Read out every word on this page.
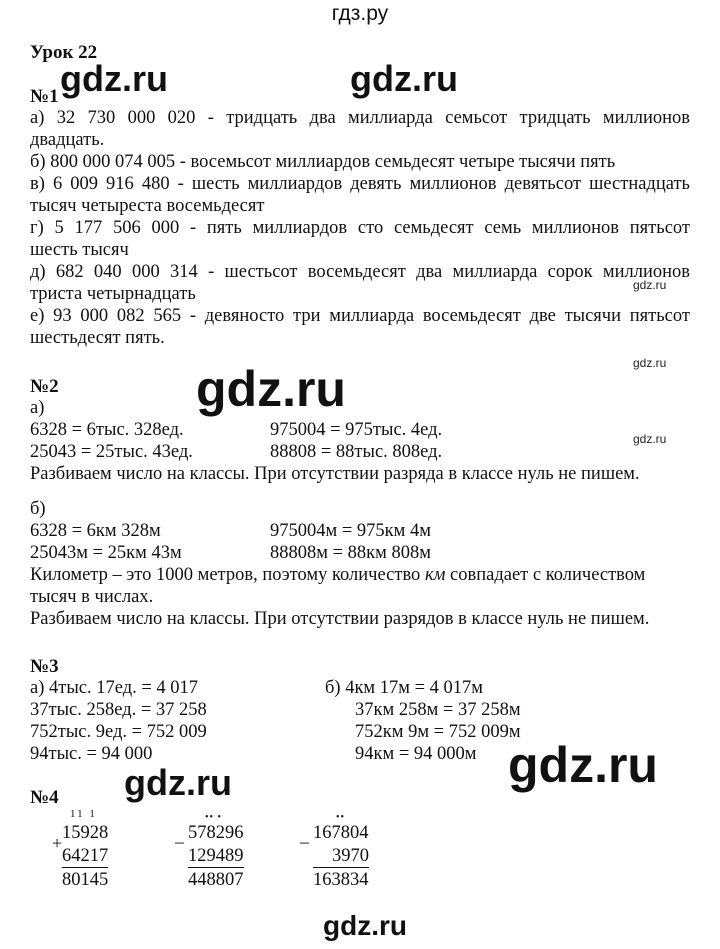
гдз.ру
Урок 22
gdz.ru	gdz.ru
gdz.ru
gdz.ru
gdz.ru
gdz.ru
gdz.ru
gdz.ru
gdz.ru
№1
а) 32 730 000 020 - тридцать два миллиарда семьсот тридцать миллионов
двадцать.
б) 800 000 074 005 - восемьсот миллиардов семьдесят четыре тысячи пять
в) 6 009 916 480 - шесть миллиардов девять миллионов девятьсот шестнадцать
тысяч четыреста восемьдесят
г) 5 177 506 000 - пять миллиардов сто семьдесят семь миллионов пятьсот
шесть тысяч
д) 682 040 000 314 - шестьсот восемьдесят два миллиарда сорок миллионов
триста четырнадцать
е) 93 000 082 565 - девяносто три миллиарда восемьдесят две тысячи пятьсот
шестьдесят пять.
№2
а)
6328 = 6тыс. 328ед.	975004 = 975тыс. 4ед.
25043 = 25тыс. 43ед.	88808 = 88тыс. 808ед.
Разбиваем число на классы. При отсутствии разряда в классе нуль не пишем.
б)
6328 = 6км 328м	975004м = 975км 4м
25043м = 25км 43м	88808м = 88км 808м
Километр – это 1000 метров, поэтому количество км совпадает с количеством
тысяч в числах.
Разбиваем число на классы. При отсутствии разрядов в классе нуль не пишем.
№3
а) 4тыс. 17ед. = 4 017
37тыс. 258ед. = 37 258
752тыс. 9ед. = 752 009
94тыс. = 94 000
б) 4км 17м = 4 017м
37км 258м = 37 258м
752км 9м = 752 009м
94км = 94 000м
№4
11 1
+ 15928
64217
80145
•• •
_ 578296
129489
448807
••
_ 167804
3970
163834
